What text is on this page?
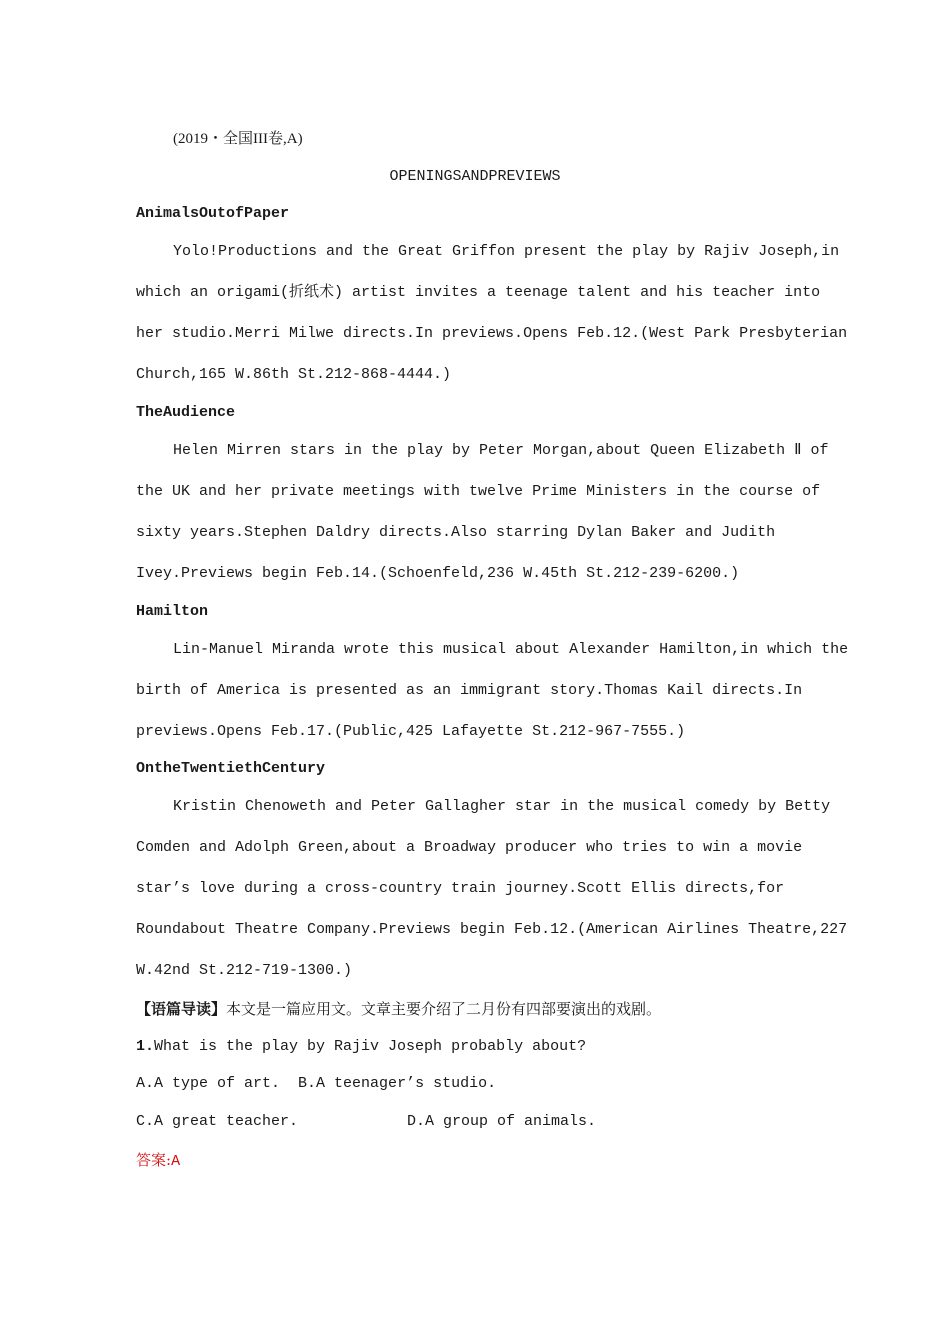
(2019・全国III卷,A)
OPENINGSANDPREVIEWS
AnimalsOutofPaper
Yolo!Productions and the Great Griffon present the play by Rajiv Joseph,in
which an origami(折纸术) artist invites a teenage talent and his teacher into
her studio.Merri Milwe directs.In previews.Opens Feb.12.(West Park Presbyterian
Church,165 W.86th St.212-868-4444.)
TheAudience
Helen Mirren stars in the play by Peter Morgan,about Queen Elizabeth Ⅱ of
the UK and her private meetings with twelve Prime Ministers in the course of
sixty years.Stephen Daldry directs.Also starring Dylan Baker and Judith
Ivey.Previews begin Feb.14.(Schoenfeld,236 W.45th St.212-239-6200.)
Hamilton
Lin-Manuel Miranda wrote this musical about Alexander Hamilton,in which the
birth of America is presented as an immigrant story.Thomas Kail directs.In
previews.Opens Feb.17.(Public,425 Lafayette St.212-967-7555.)
OntheTwentiethCentury
Kristin Chenoweth and Peter Gallagher star in the musical comedy by Betty
Comden and Adolph Green,about a Broadway producer who tries to win a movie
star’s love during a cross-country train journey.Scott Ellis directs,for
Roundabout Theatre Company.Previews begin Feb.12.(American Airlines Theatre,227
W.42nd St.212-719-1300.)
【语篇导读】本文是一篇应用文。文章主要介绍了二月份有四部要演出的戏剧。
1.What is the play by Rajiv Joseph probably about?
A.A type of art. B.A teenager’s studio.
C.A great teacher.	D.A group of animals.
答案:A
